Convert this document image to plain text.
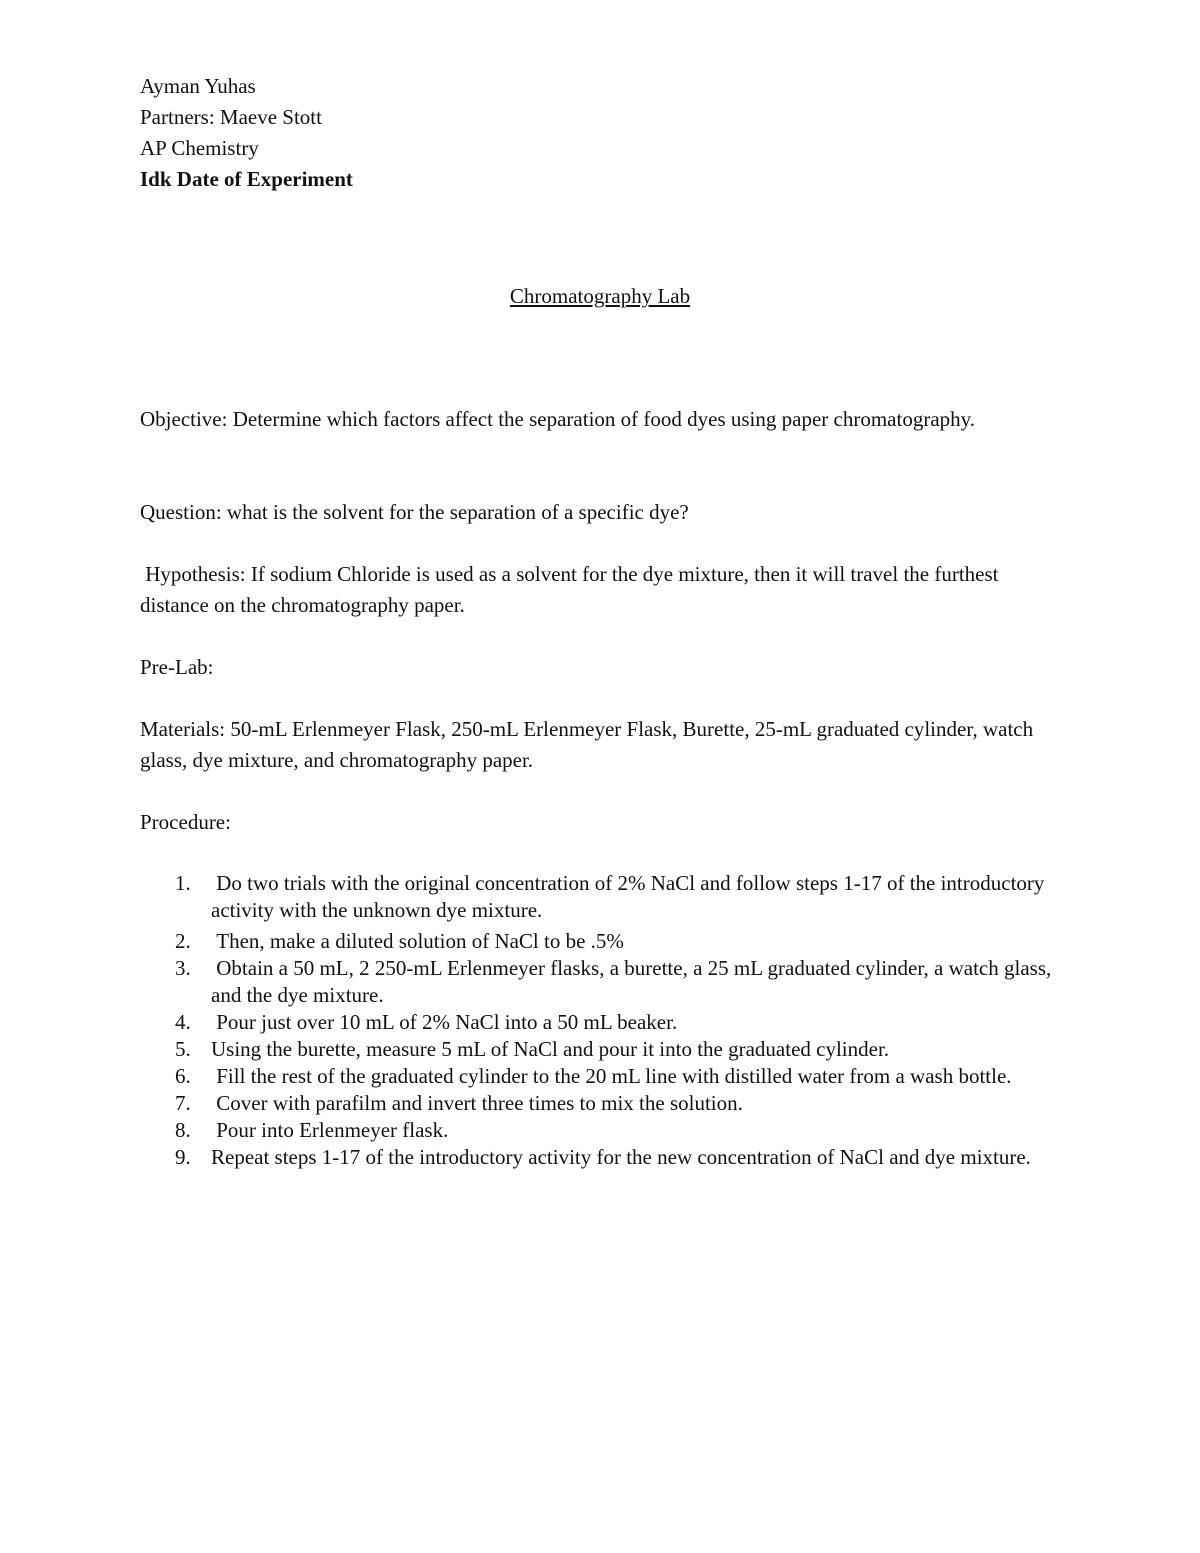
Ayman Yuhas
Partners: Maeve Stott
AP Chemistry
Idk Date of Experiment
Chromatography Lab
Objective: Determine which factors affect the separation of food dyes using paper chromatography.
Question: what is the solvent for the separation of a specific dye?
Hypothesis: If sodium Chloride is used as a solvent for the dye mixture, then it will travel the furthest distance on the chromatography paper.
Pre-Lab:
Materials: 50-mL Erlenmeyer Flask, 250-mL Erlenmeyer Flask, Burette, 25-mL graduated cylinder, watch glass, dye mixture, and chromatography paper.
Procedure:
1. Do two trials with the original concentration of 2% NaCl and follow steps 1-17 of the introductory activity with the unknown dye mixture.
2. Then, make a diluted solution of NaCl to be .5%
3. Obtain a 50 mL, 2 250-mL Erlenmeyer flasks, a burette, a 25 mL graduated cylinder, a watch glass, and the dye mixture.
4. Pour just over 10 mL of 2% NaCl into a 50 mL beaker.
5. Using the burette, measure 5 mL of NaCl and pour it into the graduated cylinder.
6. Fill the rest of the graduated cylinder to the 20 mL line with distilled water from a wash bottle.
7. Cover with parafilm and invert three times to mix the solution.
8. Pour into Erlenmeyer flask.
9. Repeat steps 1-17 of the introductory activity for the new concentration of NaCl and dye mixture.
